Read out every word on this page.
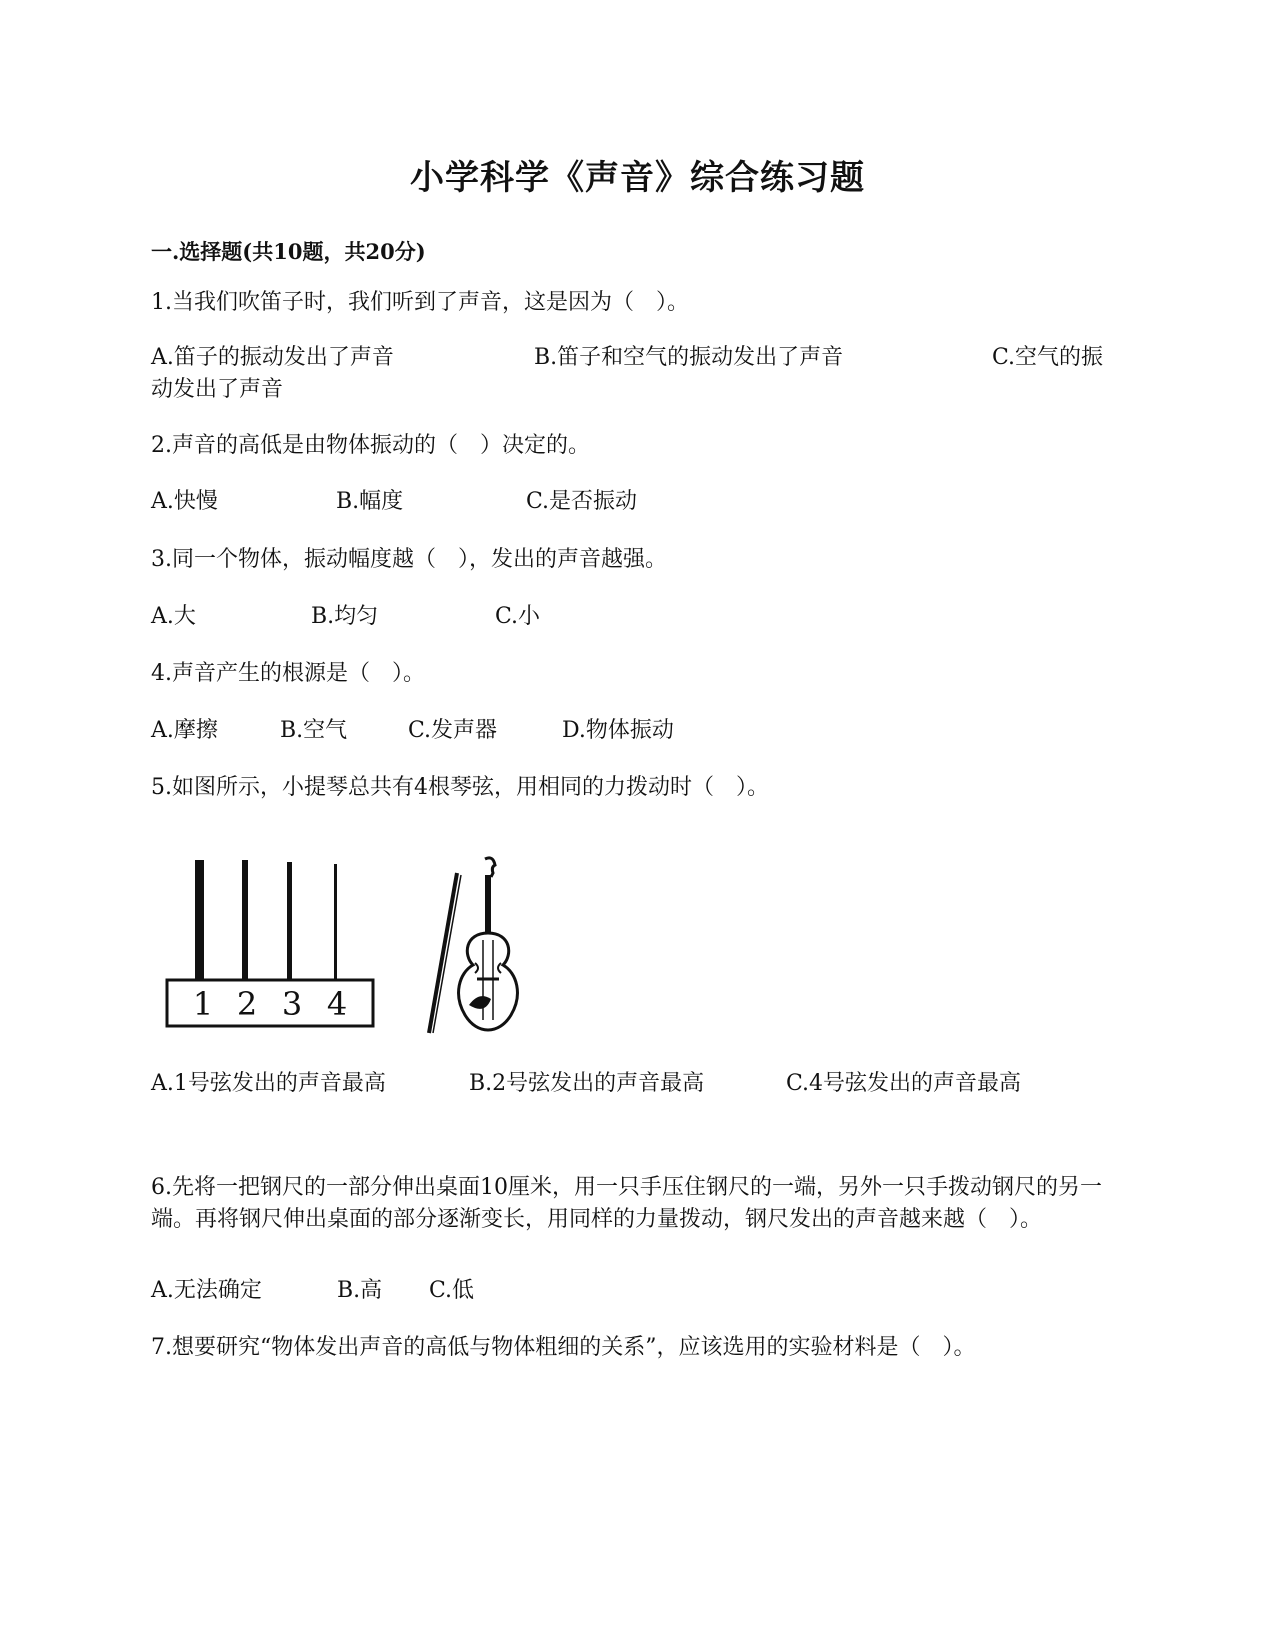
小学科学《声音》综合练习题
一.选择题(共10题，共20分)
1.当我们吹笛子时，我们听到了声音，这是因为（　）。
A.笛子的振动发出了声音	B.笛子和空气的振动发出了声音	C.空气的振
动发出了声音
2.声音的高低是由物体振动的（　）决定的。
A.快慢	B.幅度	C.是否振动
3.同一个物体，振动幅度越（　），发出的声音越强。
A.大	B.均匀	C.小
4.声音产生的根源是（　）。
A.摩擦	B.空气	C.发声器	D.物体振动
5.如图所示，小提琴总共有4根琴弦，用相同的力拨动时（　）。
1 2 3 4
A.1号弦发出的声音最高	B.2号弦发出的声音最高	C.4号弦发出的声音最高
6.先将一把钢尺的一部分伸出桌面10厘米，用一只手压住钢尺的一端，另外一只手拨动钢尺的另一端。再将钢尺伸出桌面的部分逐渐变长，用同样的力量拨动，钢尺发出的声音越来越（　）。
A.无法确定	B.高 C.低
7.想要研究“物体发出声音的高低与物体粗细的关系”，应该选用的实验材料是（　）。
